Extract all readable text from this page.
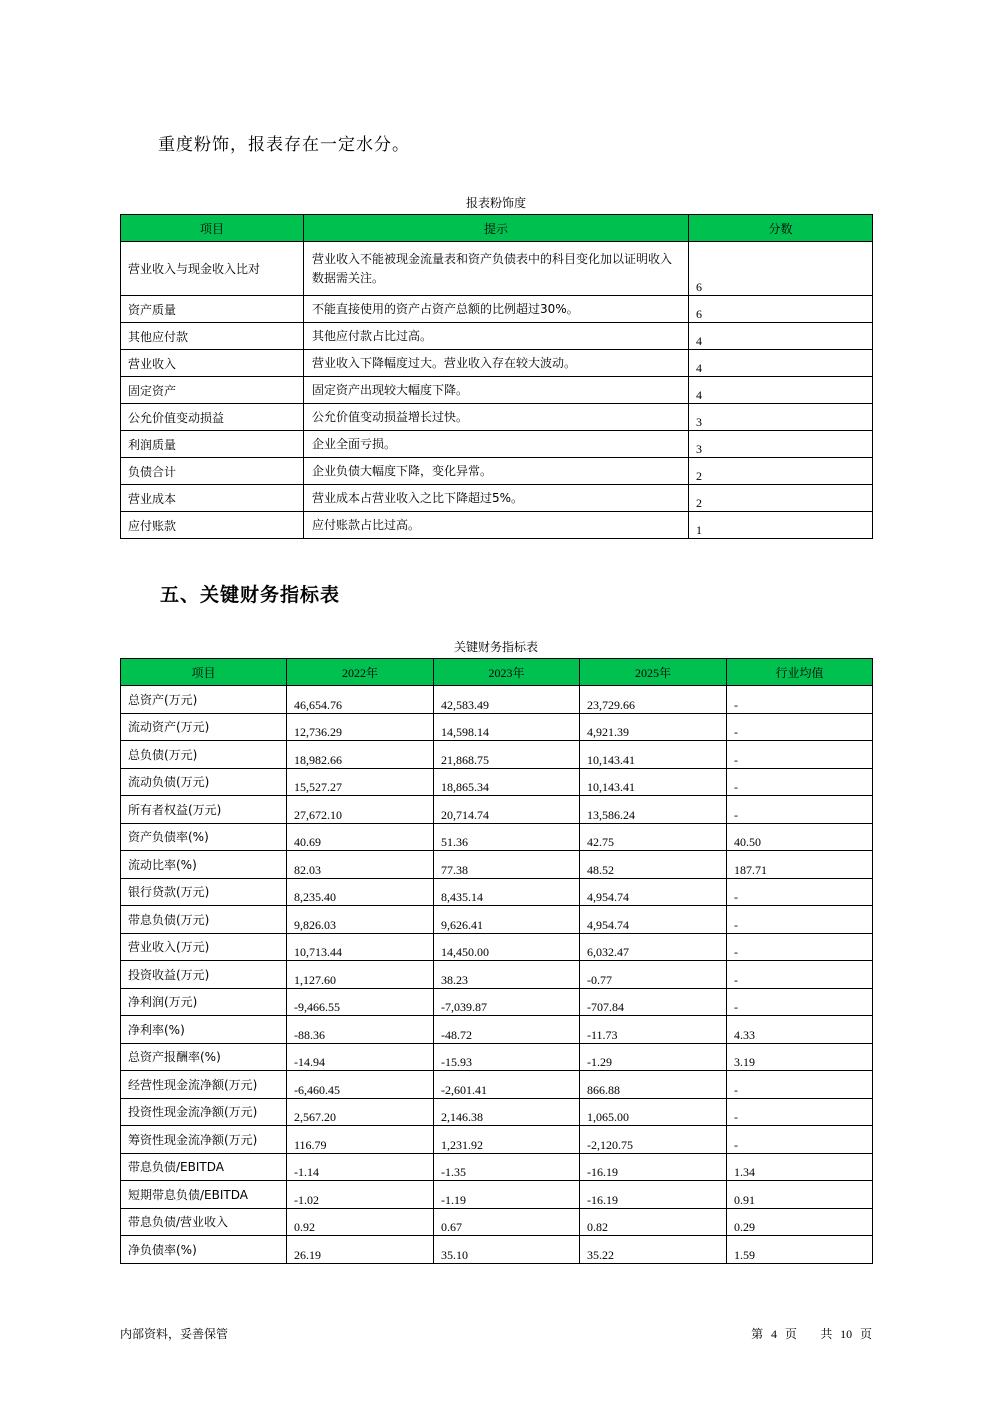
重度粉饰，报表存在一定水分。
报表粉饰度
项目	提示	分数
营业收入与现金收入比对	营业收入不能被现金流量表和资产负债表中的科目变化加以证明收入数据需关注。	6
资产质量	不能直接使用的资产占资产总额的比例超过30%。	6
其他应付款	其他应付款占比过高。	4
营业收入	营业收入下降幅度过大。营业收入存在较大波动。	4
固定资产	固定资产出现较大幅度下降。	4
公允价值变动损益	公允价值变动损益增长过快。	3
利润质量	企业全面亏损。	3
负债合计	企业负债大幅度下降，变化异常。	2
营业成本	营业成本占营业收入之比下降超过5%。	2
应付账款	应付账款占比过高。	1
五、关键财务指标表
关键财务指标表
项目	2022年	2023年	2025年	行业均值
总资产(万元)	46,654.76	42,583.49	23,729.66	-
流动资产(万元)	12,736.29	14,598.14	4,921.39	-
总负债(万元)	18,982.66	21,868.75	10,143.41	-
流动负债(万元)	15,527.27	18,865.34	10,143.41	-
所有者权益(万元)	27,672.10	20,714.74	13,586.24	-
资产负债率(%)	40.69	51.36	42.75	40.50
流动比率(%)	82.03	77.38	48.52	187.71
银行贷款(万元)	8,235.40	8,435.14	4,954.74	-
带息负债(万元)	9,826.03	9,626.41	4,954.74	-
营业收入(万元)	10,713.44	14,450.00	6,032.47	-
投资收益(万元)	1,127.60	38.23	-0.77	-
净利润(万元)	-9,466.55	-7,039.87	-707.84	-
净利率(%)	-88.36	-48.72	-11.73	4.33
总资产报酬率(%)	-14.94	-15.93	-1.29	3.19
经营性现金流净额(万元)	-6,460.45	-2,601.41	866.88	-
投资性现金流净额(万元)	2,567.20	2,146.38	1,065.00	-
筹资性现金流净额(万元)	116.79	1,231.92	-2,120.75	-
带息负债/EBITDA	-1.14	-1.35	-16.19	1.34
短期带息负债/EBITDA	-1.02	-1.19	-16.19	0.91
带息负债/营业收入	0.92	0.67	0.82	0.29
净负债率(%)	26.19	35.10	35.22	1.59
内部资料，妥善保管	第 4 页 共 10 页
